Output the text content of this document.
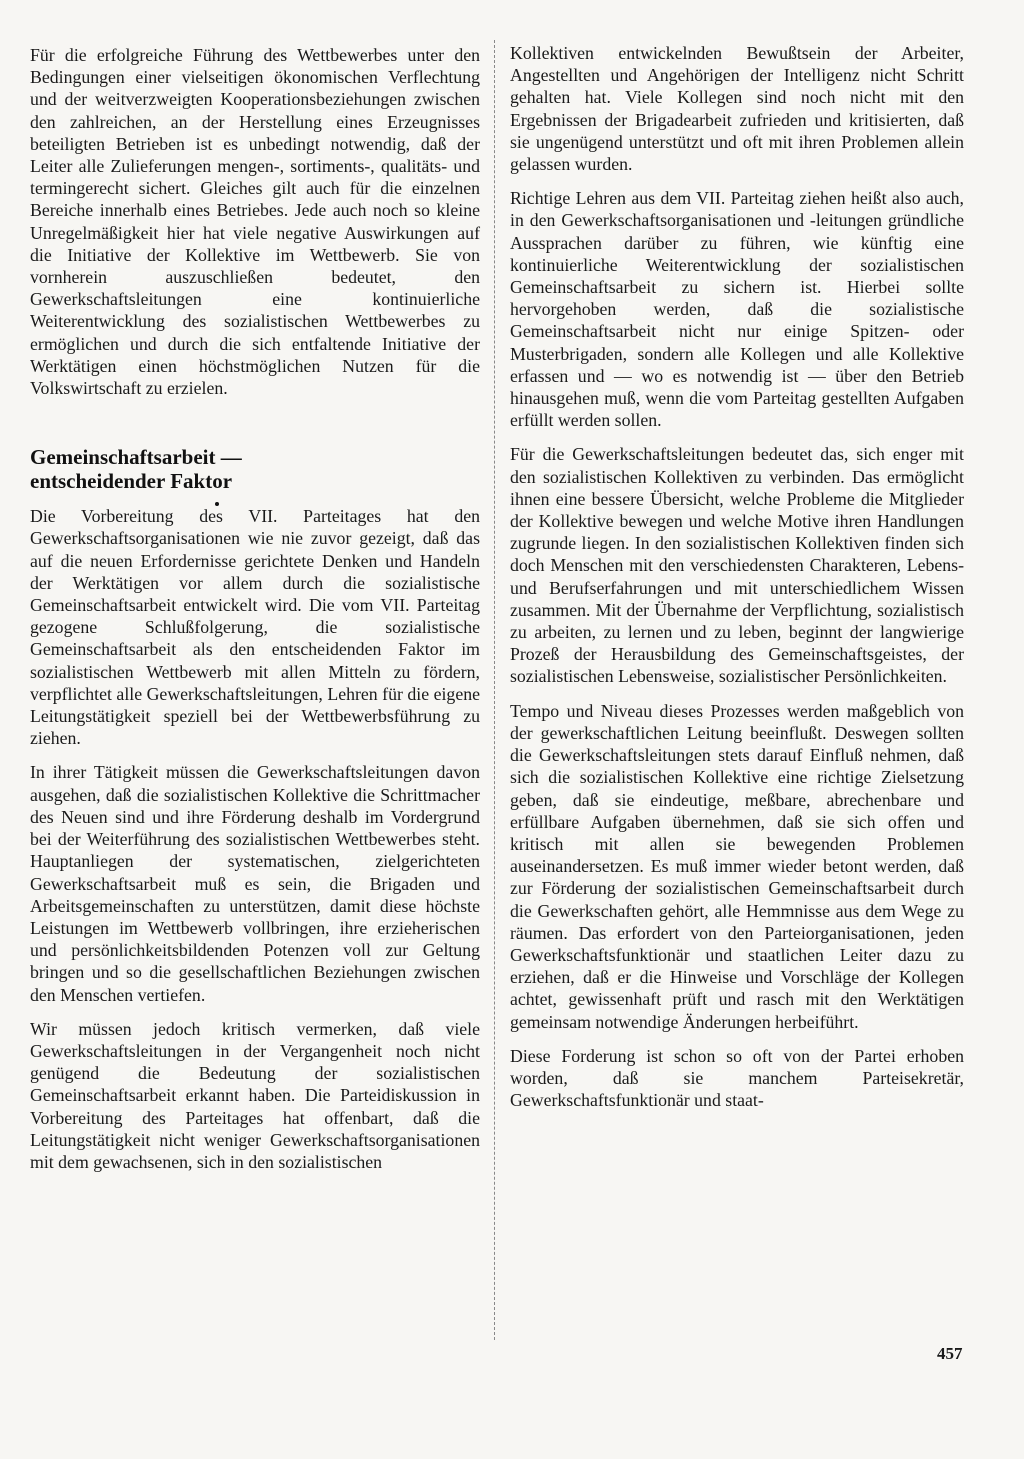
Für die erfolgreiche Führung des Wettbewerbes unter den Bedingungen einer vielseitigen ökonomischen Verflechtung und der weitverzweigten Kooperationsbeziehungen zwischen den zahlreichen, an der Herstellung eines Erzeugnisses beteiligten Betrieben ist es unbedingt notwendig, daß der Leiter alle Zulieferungen mengen-, sortiments-, qualitäts- und termingerecht sichert. Gleiches gilt auch für die einzelnen Bereiche innerhalb eines Betriebes. Jede auch noch so kleine Unregelmäßigkeit hier hat viele negative Auswirkungen auf die Initiative der Kollektive im Wettbewerb. Sie von vornherein auszuschließen bedeutet, den Gewerkschaftsleitungen eine kontinuierliche Weiterentwicklung des sozialistischen Wettbewerbes zu ermöglichen und durch die sich entfaltende Initiative der Werktätigen einen höchstmöglichen Nutzen für die Volkswirtschaft zu erzielen.

Gemeinschaftsarbeit —
entscheidender Faktor

Die Vorbereitung des VII. Parteitages hat den Gewerkschaftsorganisationen wie nie zuvor gezeigt, daß das auf die neuen Erfordernisse gerichtete Denken und Handeln der Werktätigen vor allem durch die sozialistische Gemeinschaftsarbeit entwickelt wird. Die vom VII. Parteitag gezogene Schlußfolgerung, die sozialistische Gemeinschaftsarbeit als den entscheidenden Faktor im sozialistischen Wettbewerb mit allen Mitteln zu fördern, verpflichtet alle Gewerkschaftsleitungen, Lehren für die eigene Leitungstätigkeit speziell bei der Wettbewerbsführung zu ziehen.

In ihrer Tätigkeit müssen die Gewerkschaftsleitungen davon ausgehen, daß die sozialistischen Kollektive die Schrittmacher des Neuen sind und ihre Förderung deshalb im Vordergrund bei der Weiterführung des sozialistischen Wettbewerbes steht. Hauptanliegen der systematischen, zielgerichteten Gewerkschaftsarbeit muß es sein, die Brigaden und Arbeitsgemeinschaften zu unterstützen, damit diese höchste Leistungen im Wettbewerb vollbringen, ihre erzieherischen und persönlichkeitsbildenden Potenzen voll zur Geltung bringen und so die gesellschaftlichen Beziehungen zwischen den Menschen vertiefen.

Wir müssen jedoch kritisch vermerken, daß viele Gewerkschaftsleitungen in der Vergangenheit noch nicht genügend die Bedeutung der sozialistischen Gemeinschaftsarbeit erkannt haben. Die Parteidiskussion in Vorbereitung des Parteitages hat offenbart, daß die Leitungstätigkeit nicht weniger Gewerkschaftsorganisationen mit dem gewachsenen, sich in den sozialistischen

Kollektiven entwickelnden Bewußtsein der Arbeiter, Angestellten und Angehörigen der Intelligenz nicht Schritt gehalten hat. Viele Kollegen sind noch nicht mit den Ergebnissen der Brigadearbeit zufrieden und kritisierten, daß sie ungenügend unterstützt und oft mit ihren Problemen allein gelassen wurden.

Richtige Lehren aus dem VII. Parteitag ziehen heißt also auch, in den Gewerkschaftsorganisationen und -leitungen gründliche Aussprachen darüber zu führen, wie künftig eine kontinuierliche Weiterentwicklung der sozialistischen Gemeinschaftsarbeit zu sichern ist. Hierbei sollte hervorgehoben werden, daß die sozialistische Gemeinschaftsarbeit nicht nur einige Spitzen- oder Musterbrigaden, sondern alle Kollegen und alle Kollektive erfassen und — wo es notwendig ist — über den Betrieb hinausgehen muß, wenn die vom Parteitag gestellten Aufgaben erfüllt werden sollen.

Für die Gewerkschaftsleitungen bedeutet das, sich enger mit den sozialistischen Kollektiven zu verbinden. Das ermöglicht ihnen eine bessere Übersicht, welche Probleme die Mitglieder der Kollektive bewegen und welche Motive ihren Handlungen zugrunde liegen. In den sozialistischen Kollektiven finden sich doch Menschen mit den verschiedensten Charakteren, Lebens- und Berufserfahrungen und mit unterschiedlichem Wissen zusammen. Mit der Übernahme der Verpflichtung, sozialistisch zu arbeiten, zu lernen und zu leben, beginnt der langwierige Prozeß der Herausbildung des Gemeinschaftsgeistes, der sozialistischen Lebensweise, sozialistischer Persönlichkeiten.

Tempo und Niveau dieses Prozesses werden maßgeblich von der gewerkschaftlichen Leitung beeinflußt. Deswegen sollten die Gewerkschaftsleitungen stets darauf Einfluß nehmen, daß sich die sozialistischen Kollektive eine richtige Zielsetzung geben, daß sie eindeutige, meßbare, abrechenbare und erfüllbare Aufgaben übernehmen, daß sie sich offen und kritisch mit allen sie bewegenden Problemen auseinandersetzen. Es muß immer wieder betont werden, daß zur Förderung der sozialistischen Gemeinschaftsarbeit durch die Gewerkschaften gehört, alle Hemmnisse aus dem Wege zu räumen. Das erfordert von den Parteiorganisationen, jeden Gewerkschaftsfunktionär und staatlichen Leiter dazu zu erziehen, daß er die Hinweise und Vorschläge der Kollegen achtet, gewissenhaft prüft und rasch mit den Werktätigen gemeinsam notwendige Änderungen herbeiführt.

Diese Forderung ist schon so oft von der Partei erhoben worden, daß sie manchem Parteisekretär, Gewerkschaftsfunktionär und staat-

457
